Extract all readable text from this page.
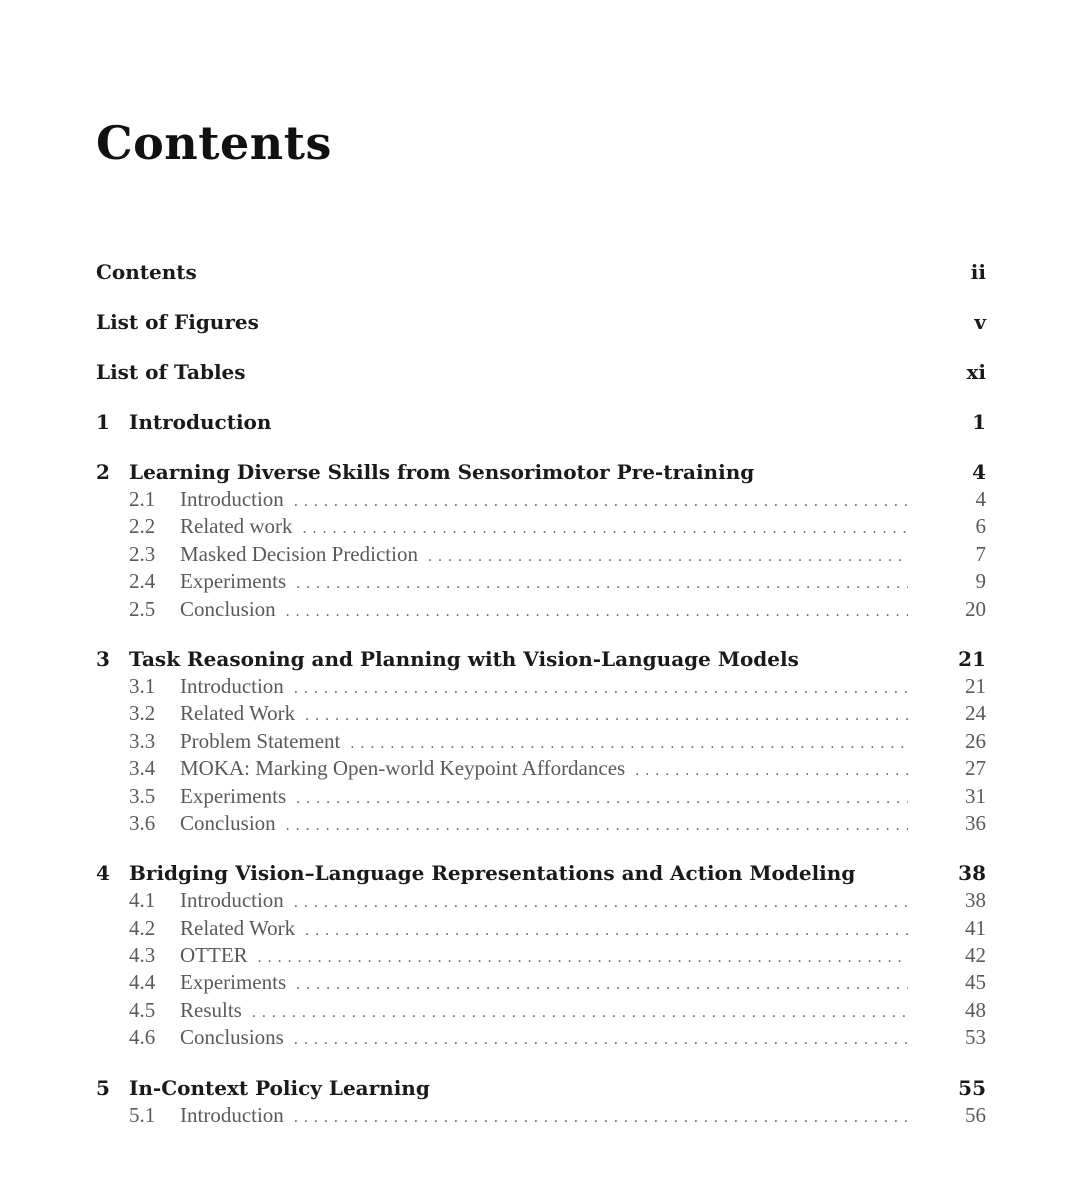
Contents
Contents	ii
List of Figures	v
List of Tables	xi
1 Introduction	1
2 Learning Diverse Skills from Sensorimotor Pre-training	4
2.1	Introduction . . .	4
2.2	Related work . . .	6
2.3	Masked Decision Prediction . . .	7
2.4	Experiments . . .	9
2.5	Conclusion . . .	20
3 Task Reasoning and Planning with Vision-Language Models	21
3.1	Introduction . . .	21
3.2	Related Work . . .	24
3.3	Problem Statement . . .	26
3.4	MOKA: Marking Open-world Keypoint Affordances . . .	27
3.5	Experiments . . .	31
3.6	Conclusion . . .	36
4 Bridging Vision–Language Representations and Action Modeling	38
4.1	Introduction . . .	38
4.2	Related Work . . .	41
4.3	OTTER . . .	42
4.4	Experiments . . .	45
4.5	Results . . .	48
4.6	Conclusions . . .	53
5 In-Context Policy Learning	55
5.1	Introduction . . .	56
